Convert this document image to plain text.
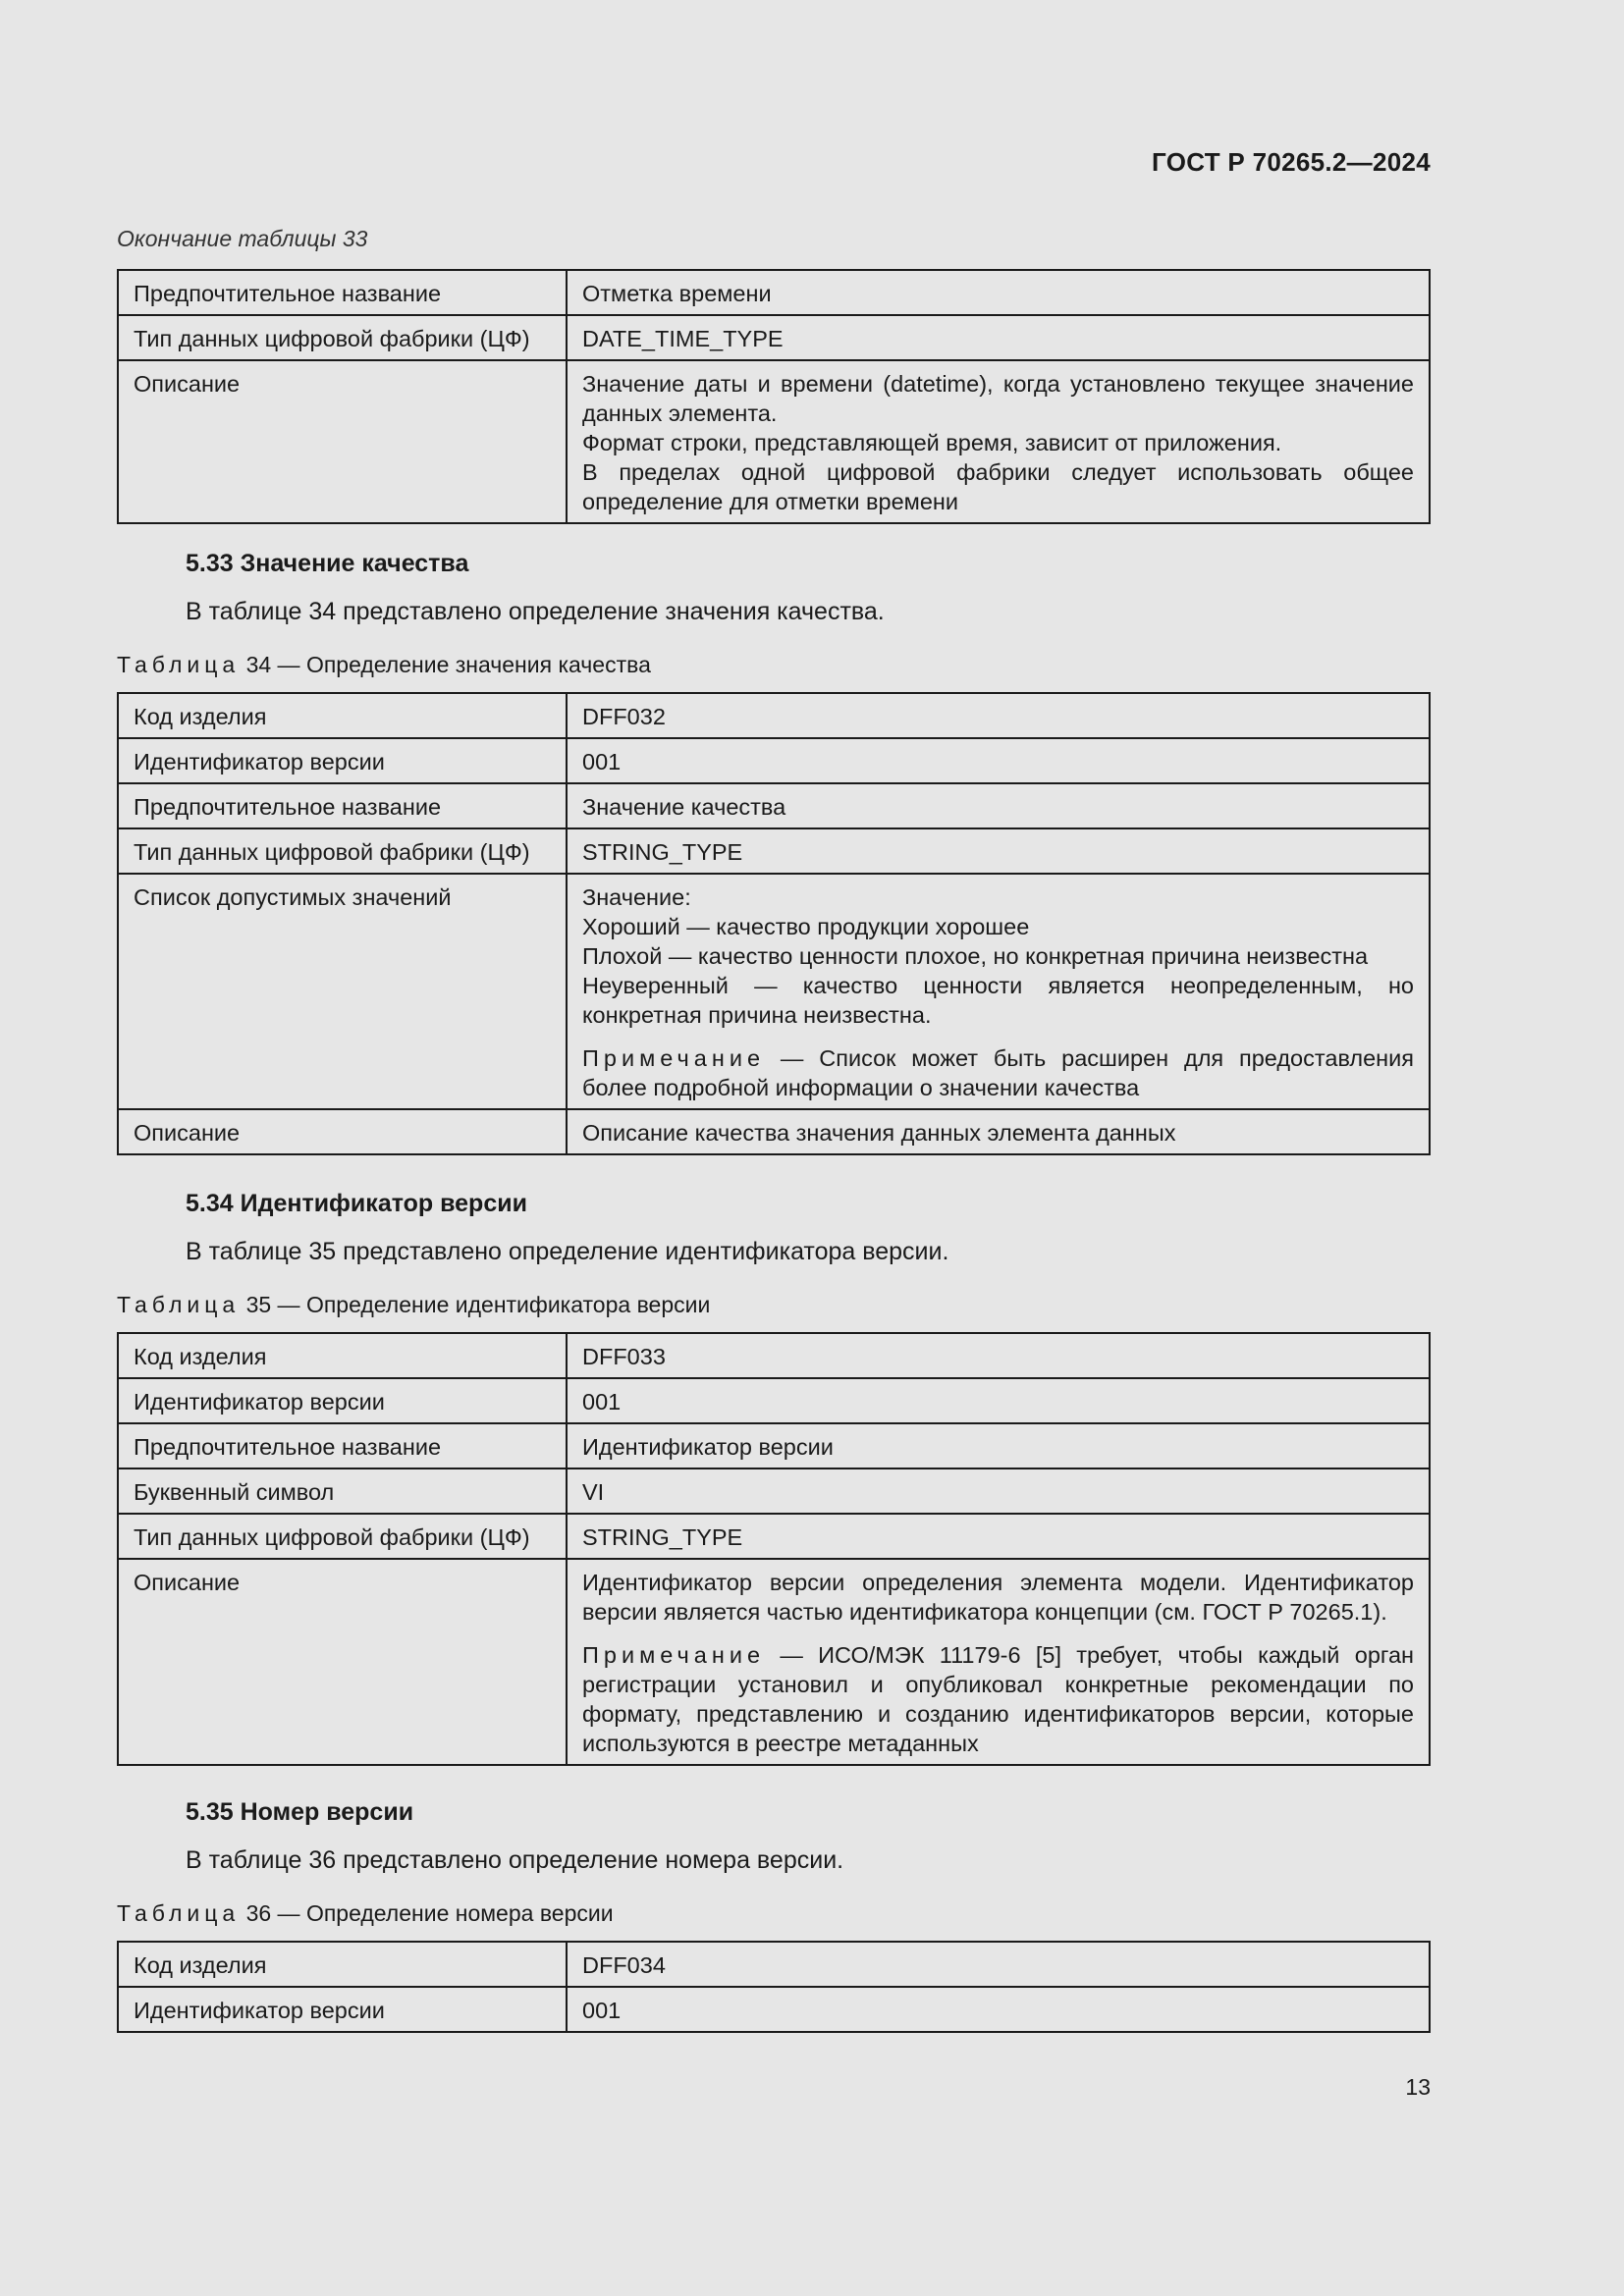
ГОСТ Р 70265.2—2024
Окончание таблицы 33
Предпочтительное название	Отметка времени
Тип данных цифровой фабрики (ЦФ)	DATE_TIME_TYPE
Описание	Значение даты и времени (datetime), когда установлено текущее значение данных элемента.
Формат строки, представляющей время, зависит от приложения.
В пределах одной цифровой фабрики следует использовать общее определение для отметки времени

5.33 Значение качества

В таблице 34 представлено определение значения качества.

Таблица 34 — Определение значения качества
Код изделия	DFF032
Идентификатор версии	001
Предпочтительное название	Значение качества
Тип данных цифровой фабрики (ЦФ)	STRING_TYPE
Список допустимых значений	Значение:
Хороший — качество продукции хорошее
Плохой — качество ценности плохое, но конкретная причина неизвестна
Неуверенный — качество ценности является неопределенным, но конкретная причина неизвестна.
Примечание — Список может быть расширен для предоставления более подробной информации о значении качества

Описание	Описание качества значения данных элемента данных

5.34 Идентификатор версии

В таблице 35 представлено определение идентификатора версии.

Таблица 35 — Определение идентификатора версии
Код изделия	DFF033
Идентификатор версии	001
Предпочтительное название	Идентификатор версии
Буквенный символ	VI
Тип данных цифровой фабрики (ЦФ)	STRING_TYPE
Описание	Идентификатор версии определения элемента модели. Идентификатор версии является частью идентификатора концепции (см. ГОСТ Р 70265.1).
Примечание — ИСО/МЭК 11179-6 [5] требует, чтобы каждый орган регистрации установил и опубликовал конкретные рекомендации по формату, представлению и созданию идентификаторов версии, которые используются в реестре метаданных

5.35 Номер версии

В таблице 36 представлено определение номера версии.

Таблица 36 — Определение номера версии
Код изделия	DFF034
Идентификатор версии	001
13
